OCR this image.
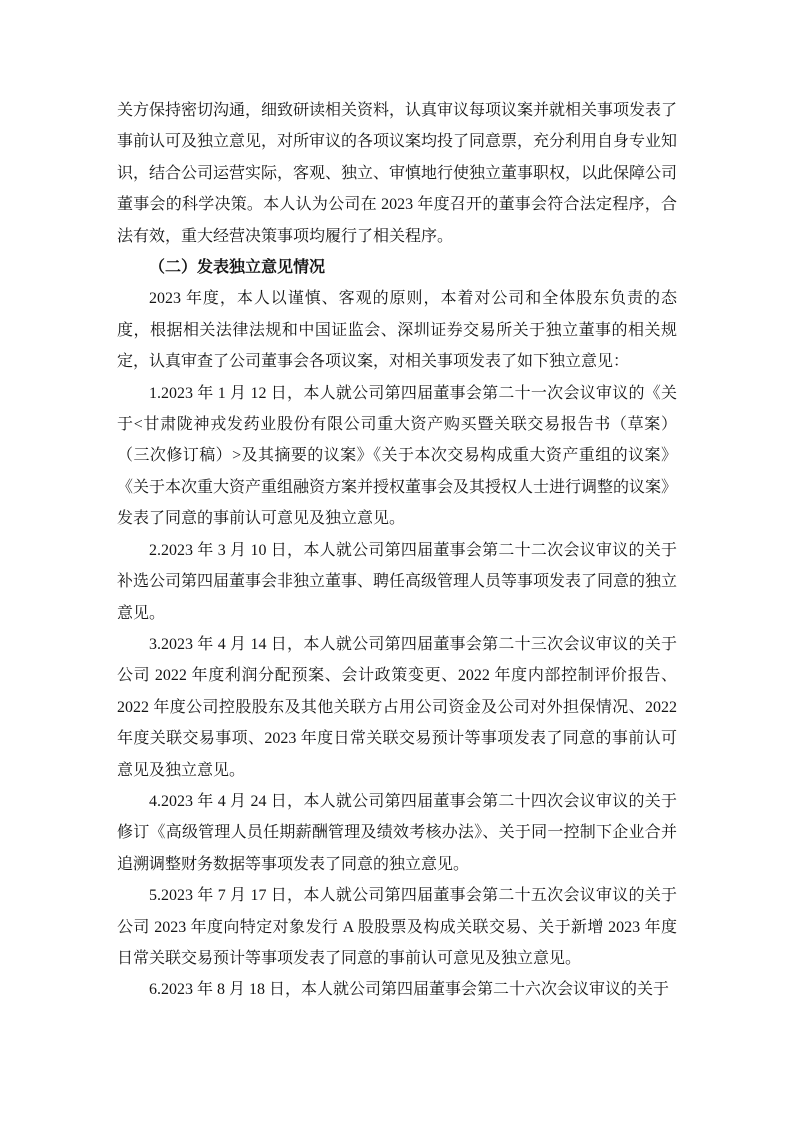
关方保持密切沟通，细致研读相关资料，认真审议每项议案并就相关事项发表了事前认可及独立意见，对所审议的各项议案均投了同意票，充分利用自身专业知识，结合公司运营实际，客观、独立、审慎地行使独立董事职权，以此保障公司董事会的科学决策。本人认为公司在 2023 年度召开的董事会符合法定程序，合法有效，重大经营决策事项均履行了相关程序。
（二）发表独立意见情况
2023 年度，本人以谨慎、客观的原则，本着对公司和全体股东负责的态度，根据相关法律法规和中国证监会、深圳证券交易所关于独立董事的相关规定，认真审查了公司董事会各项议案，对相关事项发表了如下独立意见：
1.2023 年 1 月 12 日，本人就公司第四届董事会第二十一次会议审议的《关于<甘肃陇神戎发药业股份有限公司重大资产购买暨关联交易报告书（草案）（三次修订稿）>及其摘要的议案》《关于本次交易构成重大资产重组的议案》《关于本次重大资产重组融资方案并授权董事会及其授权人士进行调整的议案》发表了同意的事前认可意见及独立意见。
2.2023 年 3 月 10 日，本人就公司第四届董事会第二十二次会议审议的关于补选公司第四届董事会非独立董事、聘任高级管理人员等事项发表了同意的独立意见。
3.2023 年 4 月 14 日，本人就公司第四届董事会第二十三次会议审议的关于公司 2022 年度利润分配预案、会计政策变更、2022 年度内部控制评价报告、2022 年度公司控股股东及其他关联方占用公司资金及公司对外担保情况、2022 年度关联交易事项、2023 年度日常关联交易预计等事项发表了同意的事前认可意见及独立意见。
4.2023 年 4 月 24 日，本人就公司第四届董事会第二十四次会议审议的关于修订《高级管理人员任期薪酬管理及绩效考核办法》、关于同一控制下企业合并追溯调整财务数据等事项发表了同意的独立意见。
5.2023 年 7 月 17 日，本人就公司第四届董事会第二十五次会议审议的关于公司 2023 年度向特定对象发行 A 股股票及构成关联交易、关于新增 2023 年度日常关联交易预计等事项发表了同意的事前认可意见及独立意见。
6.2023 年 8 月 18 日，本人就公司第四届董事会第二十六次会议审议的关于
